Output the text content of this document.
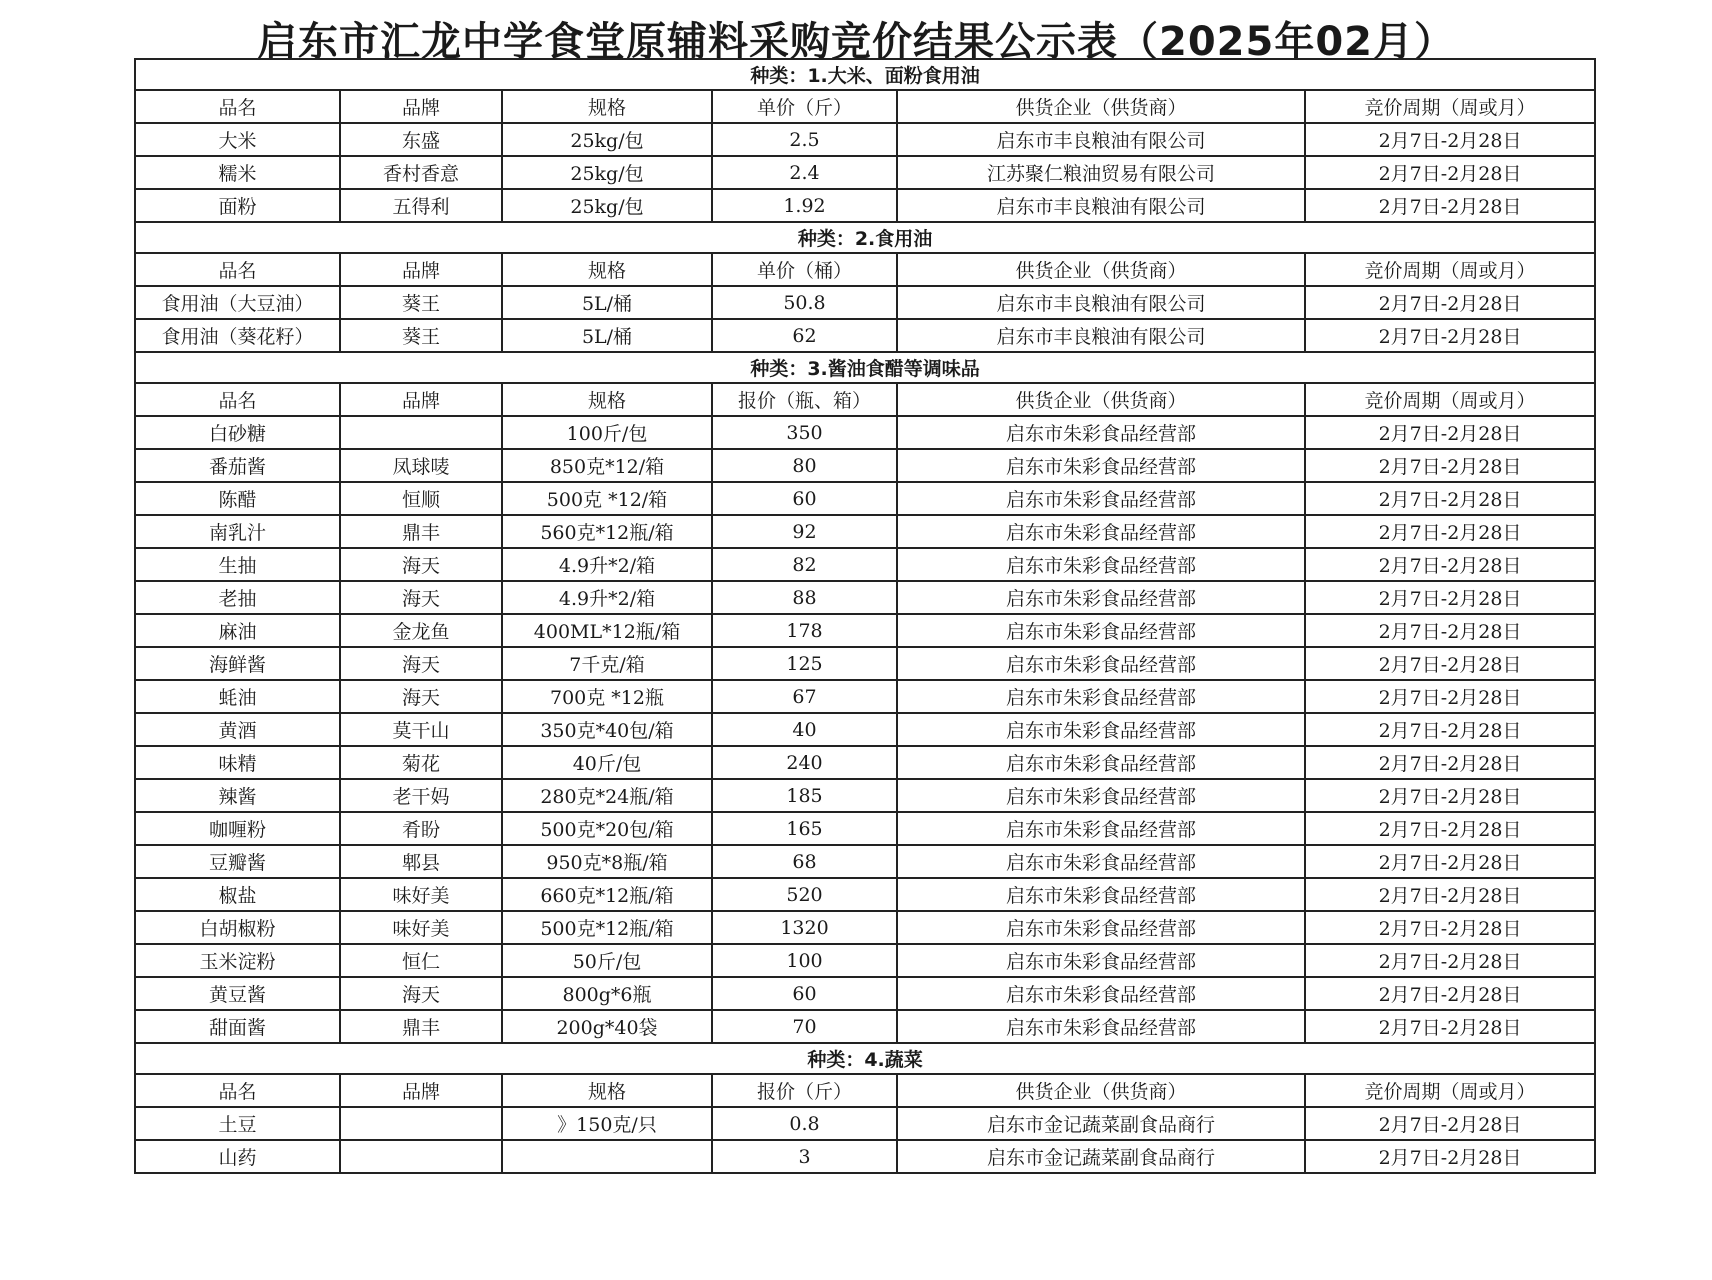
启东市汇龙中学食堂原辅料采购竞价结果公示表（2025年02月）
种类：1.大米、面粉食用油					
品名	品牌	规格	单价（斤）	供货企业（供货商）	竞价周期（周或月）
大米	东盛	25kg/包	2.5	启东市丰良粮油有限公司	2月7日-2月28日
糯米	香村香意	25kg/包	2.4	江苏聚仁粮油贸易有限公司	2月7日-2月28日
面粉	五得利	25kg/包	1.92	启东市丰良粮油有限公司	2月7日-2月28日
种类：2.食用油					
品名	品牌	规格	单价（桶）	供货企业（供货商）	竞价周期（周或月）
食用油（大豆油）	葵王	5L/桶	50.8	启东市丰良粮油有限公司	2月7日-2月28日
食用油（葵花籽）	葵王	5L/桶	62	启东市丰良粮油有限公司	2月7日-2月28日
种类：3.酱油食醋等调味品					
品名	品牌	规格	报价（瓶、箱）	供货企业（供货商）	竞价周期（周或月）
白砂糖		100斤/包	350	启东市朱彩食品经营部	2月7日-2月28日
番茄酱	凤球唛	850克*12/箱	80	启东市朱彩食品经营部	2月7日-2月28日
陈醋	恒顺	500克 *12/箱	60	启东市朱彩食品经营部	2月7日-2月28日
南乳汁	鼎丰	560克*12瓶/箱	92	启东市朱彩食品经营部	2月7日-2月28日
生抽	海天	4.9升*2/箱	82	启东市朱彩食品经营部	2月7日-2月28日
老抽	海天	4.9升*2/箱	88	启东市朱彩食品经营部	2月7日-2月28日
麻油	金龙鱼	400ML*12瓶/箱	178	启东市朱彩食品经营部	2月7日-2月28日
海鲜酱	海天	7千克/箱	125	启东市朱彩食品经营部	2月7日-2月28日
蚝油	海天	700克 *12瓶	67	启东市朱彩食品经营部	2月7日-2月28日
黄酒	莫干山	350克*40包/箱	40	启东市朱彩食品经营部	2月7日-2月28日
味精	菊花	40斤/包	240	启东市朱彩食品经营部	2月7日-2月28日
辣酱	老干妈	280克*24瓶/箱	185	启东市朱彩食品经营部	2月7日-2月28日
咖喱粉	肴盼	500克*20包/箱	165	启东市朱彩食品经营部	2月7日-2月28日
豆瓣酱	郫县	950克*8瓶/箱	68	启东市朱彩食品经营部	2月7日-2月28日
椒盐	味好美	660克*12瓶/箱	520	启东市朱彩食品经营部	2月7日-2月28日
白胡椒粉	味好美	500克*12瓶/箱	1320	启东市朱彩食品经营部	2月7日-2月28日
玉米淀粉	恒仁	50斤/包	100	启东市朱彩食品经营部	2月7日-2月28日
黄豆酱	海天	800g*6瓶	60	启东市朱彩食品经营部	2月7日-2月28日
甜面酱	鼎丰	200g*40袋	70	启东市朱彩食品经营部	2月7日-2月28日
种类：4.蔬菜					
品名	品牌	规格	报价（斤）	供货企业（供货商）	竞价周期（周或月）
土豆		》150克/只	0.8	启东市金记蔬菜副食品商行	2月7日-2月28日
山药			3	启东市金记蔬菜副食品商行	2月7日-2月28日
